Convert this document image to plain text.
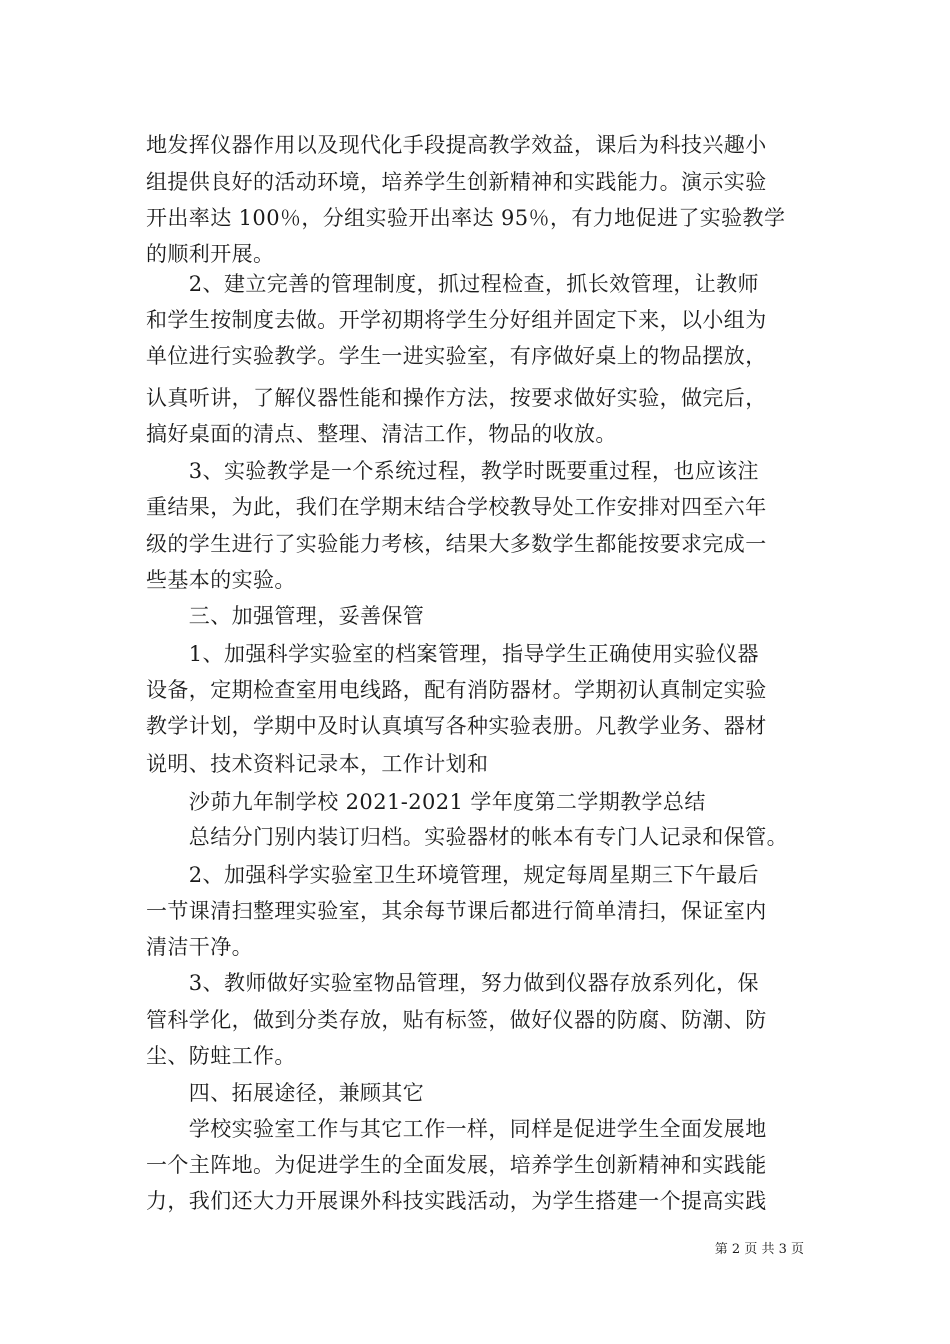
地发挥仪器作用以及现代化手段提高教学效益，课后为科技兴趣小
组提供良好的活动环境，培养学生创新精神和实践能力。演示实验
开出率达 100％，分组实验开出率达 95％，有力地促进了实验教学
的顺利开展。
　　2、建立完善的管理制度，抓过程检查，抓长效管理，让教师
和学生按制度去做。开学初期将学生分好组并固定下来，以小组为
单位进行实验教学。学生一进实验室，有序做好桌上的物品摆放，
认真听讲，了解仪器性能和操作方法，按要求做好实验，做完后，
搞好桌面的清点、整理、清洁工作，物品的收放。
　　3、实验教学是一个系统过程，教学时既要重过程，也应该注
重结果，为此，我们在学期末结合学校教导处工作安排对四至六年
级的学生进行了实验能力考核，结果大多数学生都能按要求完成一
些基本的实验。
　　三、加强管理，妥善保管
　　1、加强科学实验室的档案管理，指导学生正确使用实验仪器
设备，定期检查室用电线路，配有消防器材。学期初认真制定实验
教学计划，学期中及时认真填写各种实验表册。凡教学业务、器材
说明、技术资料记录本，工作计划和
　　沙茆九年制学校 2021-2021 学年度第二学期教学总结
　　总结分门别内装订归档。实验器材的帐本有专门人记录和保管。
　　2、加强科学实验室卫生环境管理，规定每周星期三下午最后
一节课清扫整理实验室，其余每节课后都进行简单清扫，保证室内
清洁干净。
　　3、教师做好实验室物品管理，努力做到仪器存放系列化，保
管科学化，做到分类存放，贴有标签，做好仪器的防腐、防潮、防
尘、防蛀工作。
　　四、拓展途径，兼顾其它
　　学校实验室工作与其它工作一样，同样是促进学生全面发展地
一个主阵地。为促进学生的全面发展，培养学生创新精神和实践能
力，我们还大力开展课外科技实践活动，为学生搭建一个提高实践
第 2 页 共 3 页
